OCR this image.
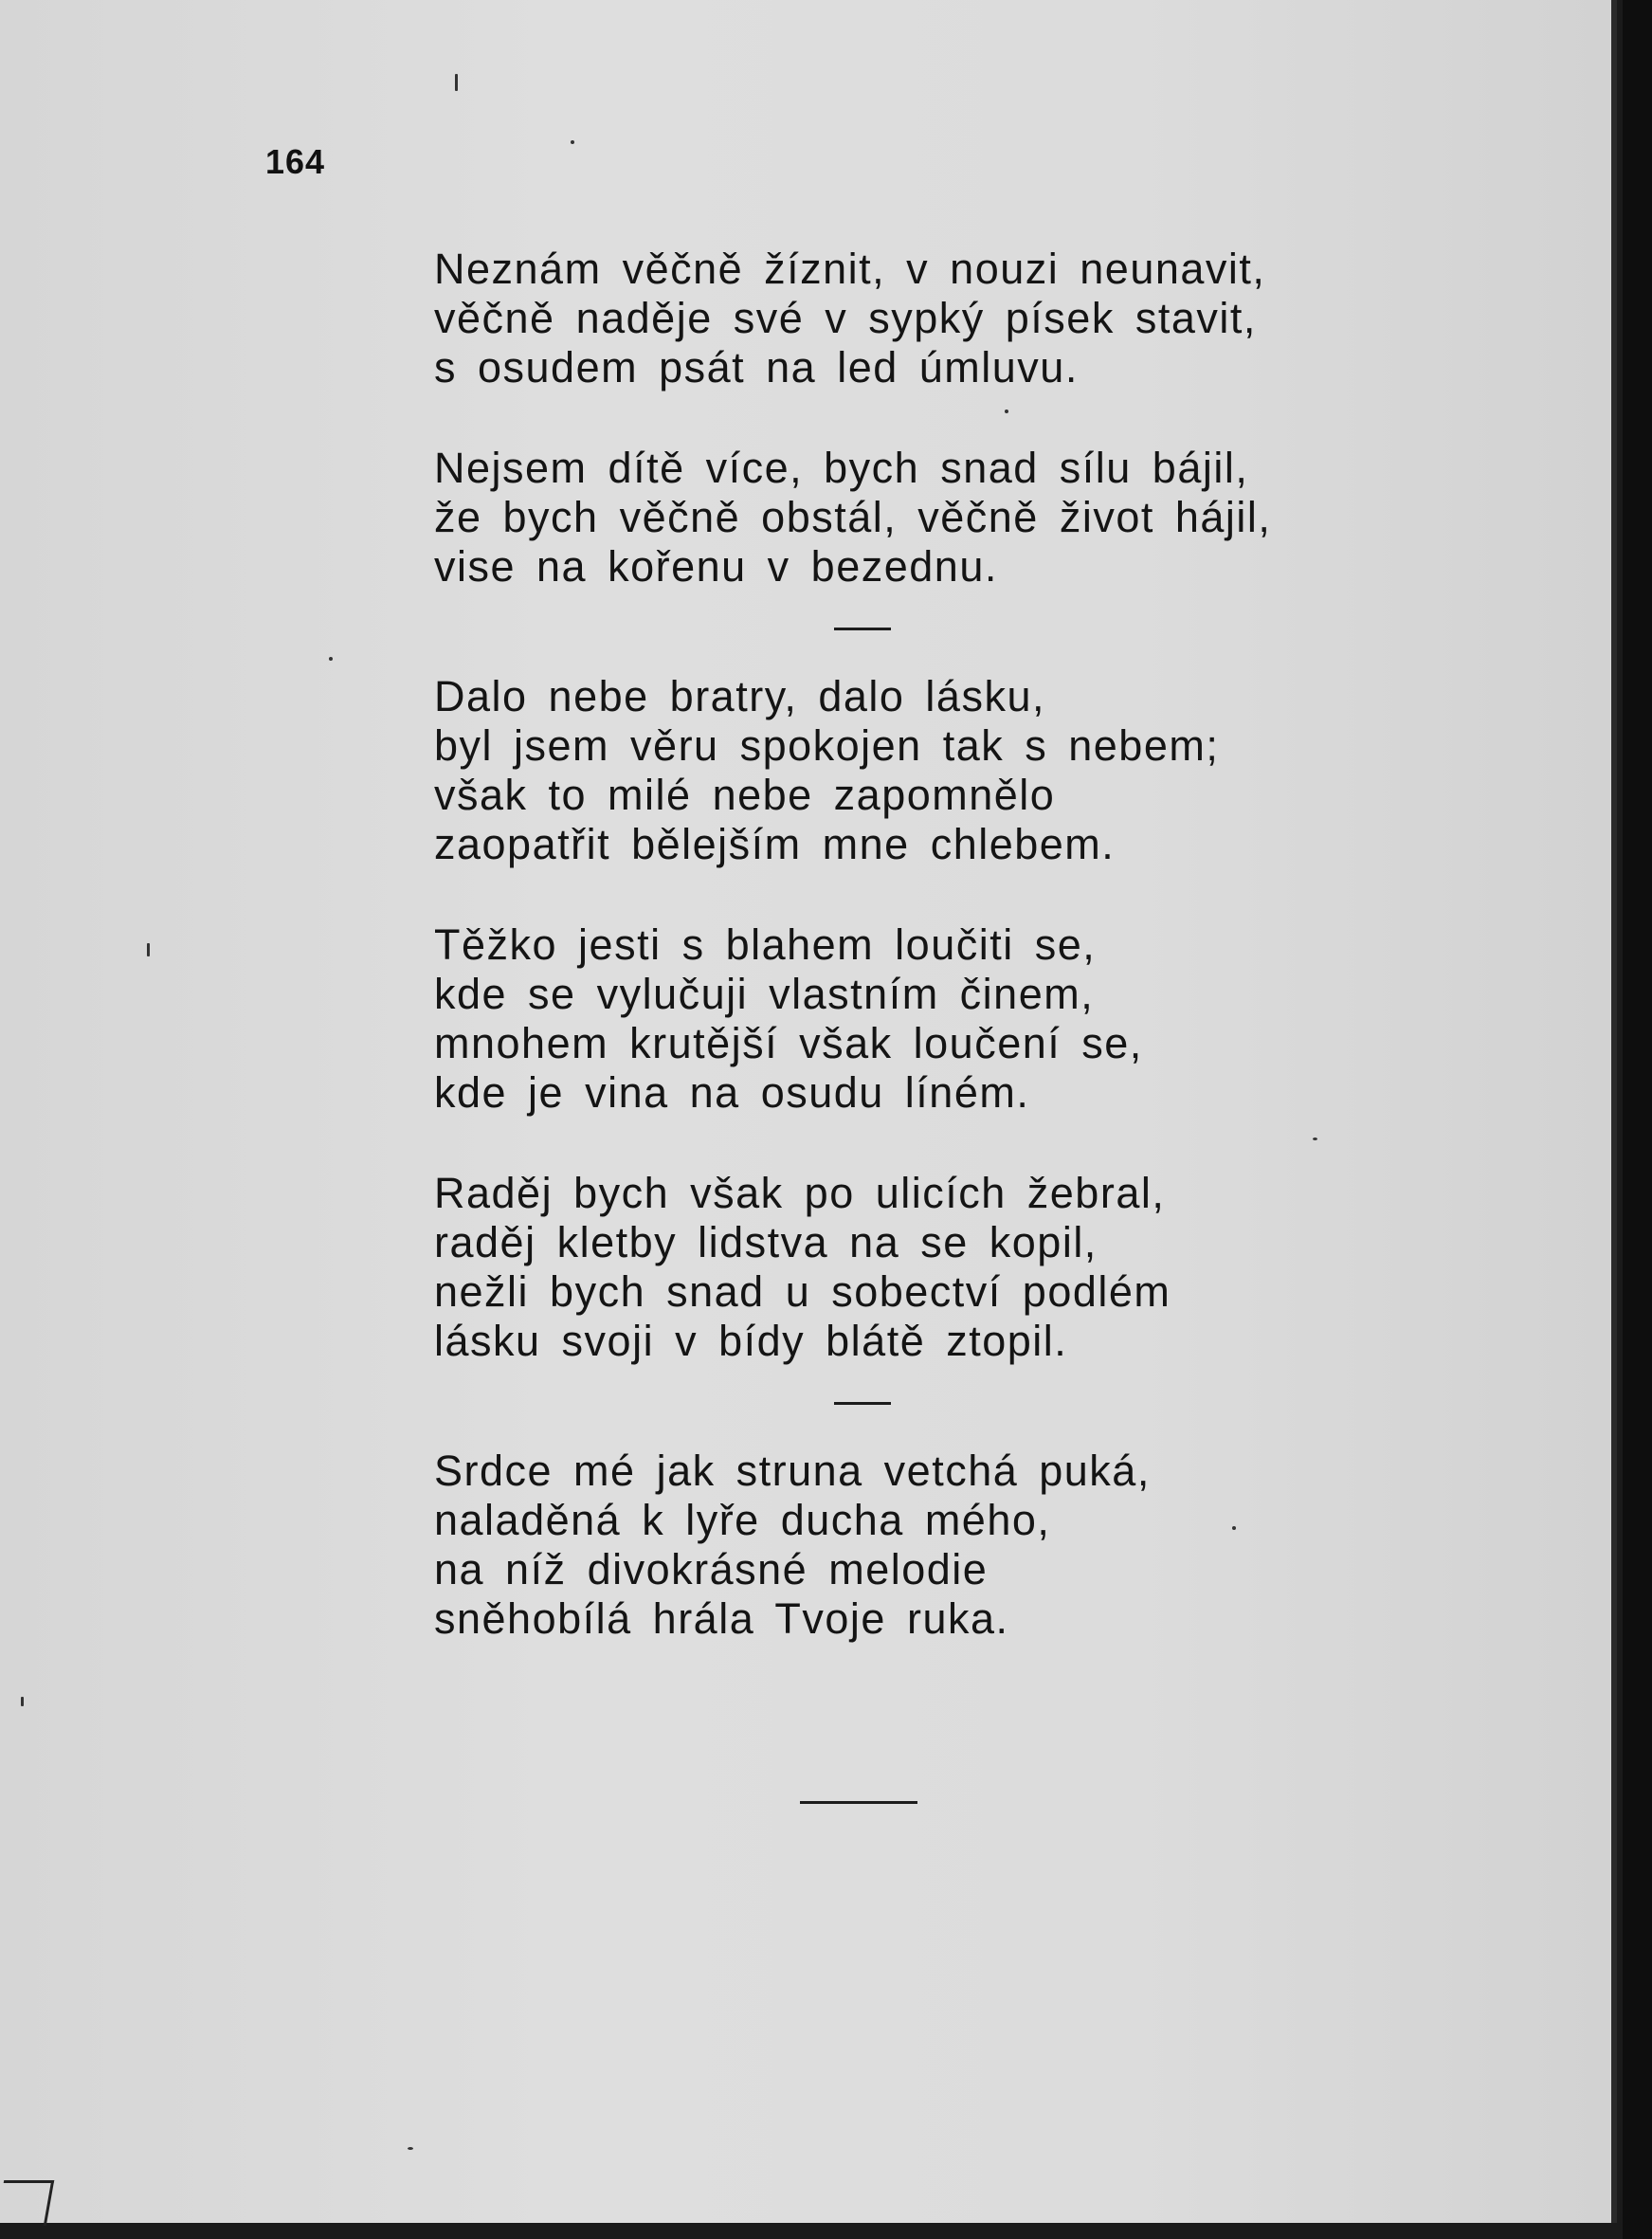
164
Neznám věčně žíznit, v nouzi neunavit,
věčně naděje své v sypký písek stavit,
s osudem psát na led úmluvu.
Nejsem dítě více, bych snad sílu bájil,
že bych věčně obstál, věčně život hájil,
vise na kořenu v bezednu.
Dalo nebe bratry, dalo lásku,
byl jsem věru spokojen tak s nebem;
však to milé nebe zapomnělo
zaopatřit bělejším mne chlebem.
Těžko jesti s blahem loučiti se,
kde se vylučuji vlastním činem,
mnohem krutější však loučení se,
kde je vina na osudu líném.
Raděj bych však po ulicích žebral,
raděj kletby lidstva na se kopil,
nežli bych snad u sobectví podlém
lásku svoji v bídy blátě ztopil.
Srdce mé jak struna vetchá puká,
naladěná k lyře ducha mého,
na níž divokrásné melodie
sněhobílá hrála Tvoje ruka.
